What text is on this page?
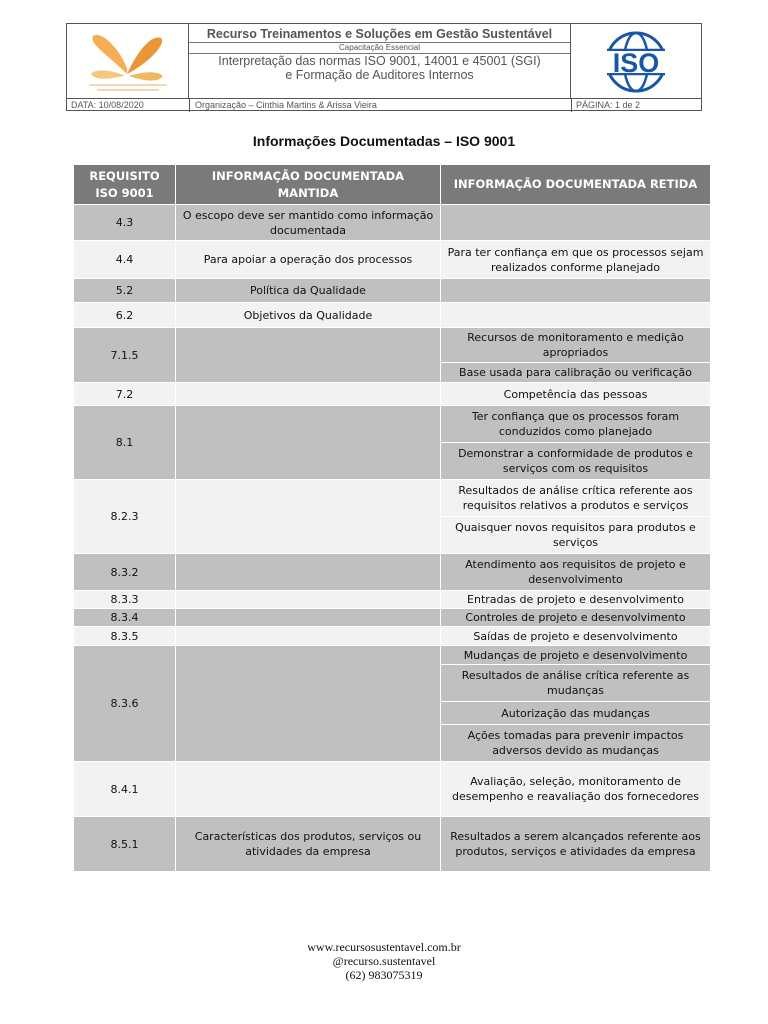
Recurso Treinamentos e Soluções em Gestão Sustentável
Capacitação Essencial
Interpretação das normas ISO 9001, 14001 e 45001 (SGI)
e Formação de Auditores Internos	ISO
DATA: 10/08/2020	Organização – Cinthia Martins & Arissa Vieira	PÁGINA: 1 de 2
Informações Documentadas – ISO 9001
REQUISITO ISO 9001	INFORMAÇÃO DOCUMENTADA MANTIDA	INFORMAÇÃO DOCUMENTADA RETIDA
4.3	O escopo deve ser mantido como informação documentada	
4.4	Para apoiar a operação dos processos	Para ter confiança em que os processos sejam realizados conforme planejado
5.2	Política da Qualidade	
6.2	Objetivos da Qualidade	
7.1.5		Recursos de monitoramento e medição apropriados
		Base usada para calibração ou verificação
7.2		Competência das pessoas
8.1		Ter confiança que os processos foram conduzidos como planejado
		Demonstrar a conformidade de produtos e serviços com os requisitos
8.2.3		Resultados de análise crítica referente aos requisitos relativos a produtos e serviços
		Quaisquer novos requisitos para produtos e serviços
8.3.2		Atendimento aos requisitos de projeto e desenvolvimento
8.3.3		Entradas de projeto e desenvolvimento
8.3.4		Controles de projeto e desenvolvimento
8.3.5		Saídas de projeto e desenvolvimento
8.3.6		Mudanças de projeto e desenvolvimento
		Resultados de análise crítica referente as mudanças
		Autorização das mudanças
		Ações tomadas para prevenir impactos adversos devido as mudanças
8.4.1		Avaliação, seleção, monitoramento de desempenho e reavaliação dos fornecedores
8.5.1	Características dos produtos, serviços ou atividades da empresa	Resultados a serem alcançados referente aos produtos, serviços e atividades da empresa
www.recursosustentavel.com.br
@recurso.sustentavel
(62) 983075319
